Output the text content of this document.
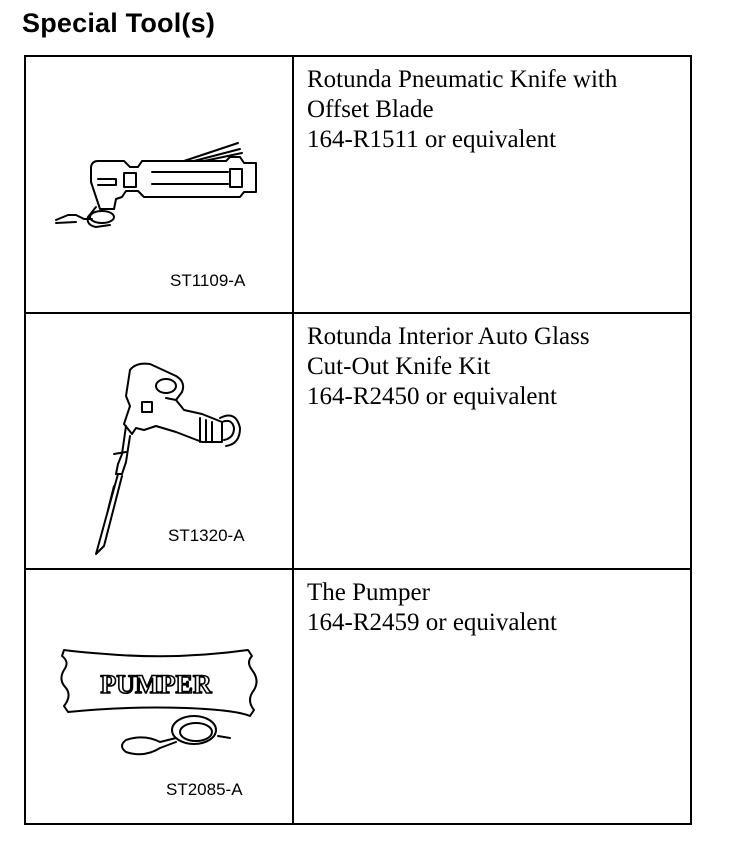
Special Tool(s)
ST1109-A
Rotunda Pneumatic Knife with
Offset Blade
164-R1511 or equivalent
ST1320-A
Rotunda Interior Auto Glass
Cut-Out Knife Kit
164-R2450 or equivalent
PUMPER
ST2085-A
The Pumper
164-R2459 or equivalent
